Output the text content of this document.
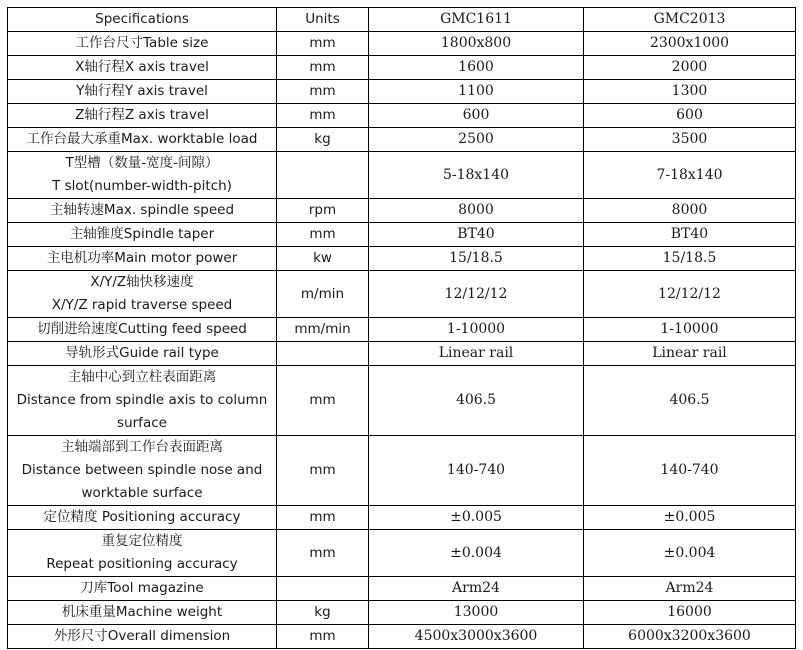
Specifications	Units	GMC1611	GMC2013

工作台尺寸Table size	mm	1800x800	2300x1000

X轴行程X axis travel	mm	1600	2000

Y轴行程Y axis travel	mm	1100	1300

Z轴行程Z axis travel	mm	600	600

工作台最大承重Max. worktable load	kg	2500	3500

T型槽（数量-宽度-间隙）
T slot(number-width-pitch)		5-18x140	7-18x140

主轴转速Max. spindle speed	rpm	8000	8000

主轴锥度Spindle taper	mm	BT40	BT40

主电机功率Main motor power	kw	15/18.5	15/18.5

X/Y/Z轴快移速度
X/Y/Z rapid traverse speed	m/min	12/12/12	12/12/12

切削进给速度Cutting feed speed	mm/min	1-10000	1-10000

导轨形式Guide rail type		Linear rail	Linear rail

主轴中心到立柱表面距离
Distance from spindle axis to column
surface	mm	406.5	406.5

主轴端部到工作台表面距离
Distance between spindle nose and
worktable surface	mm	140-740	140-740

定位精度 Positioning accuracy	mm	±0.005	±0.005

重复定位精度
Repeat positioning accuracy	mm	±0.004	±0.004

刀库Tool magazine		Arm24	Arm24

机床重量Machine weight	kg	13000	16000

外形尺寸Overall dimension	mm	4500x3000x3600	6000x3200x3600
